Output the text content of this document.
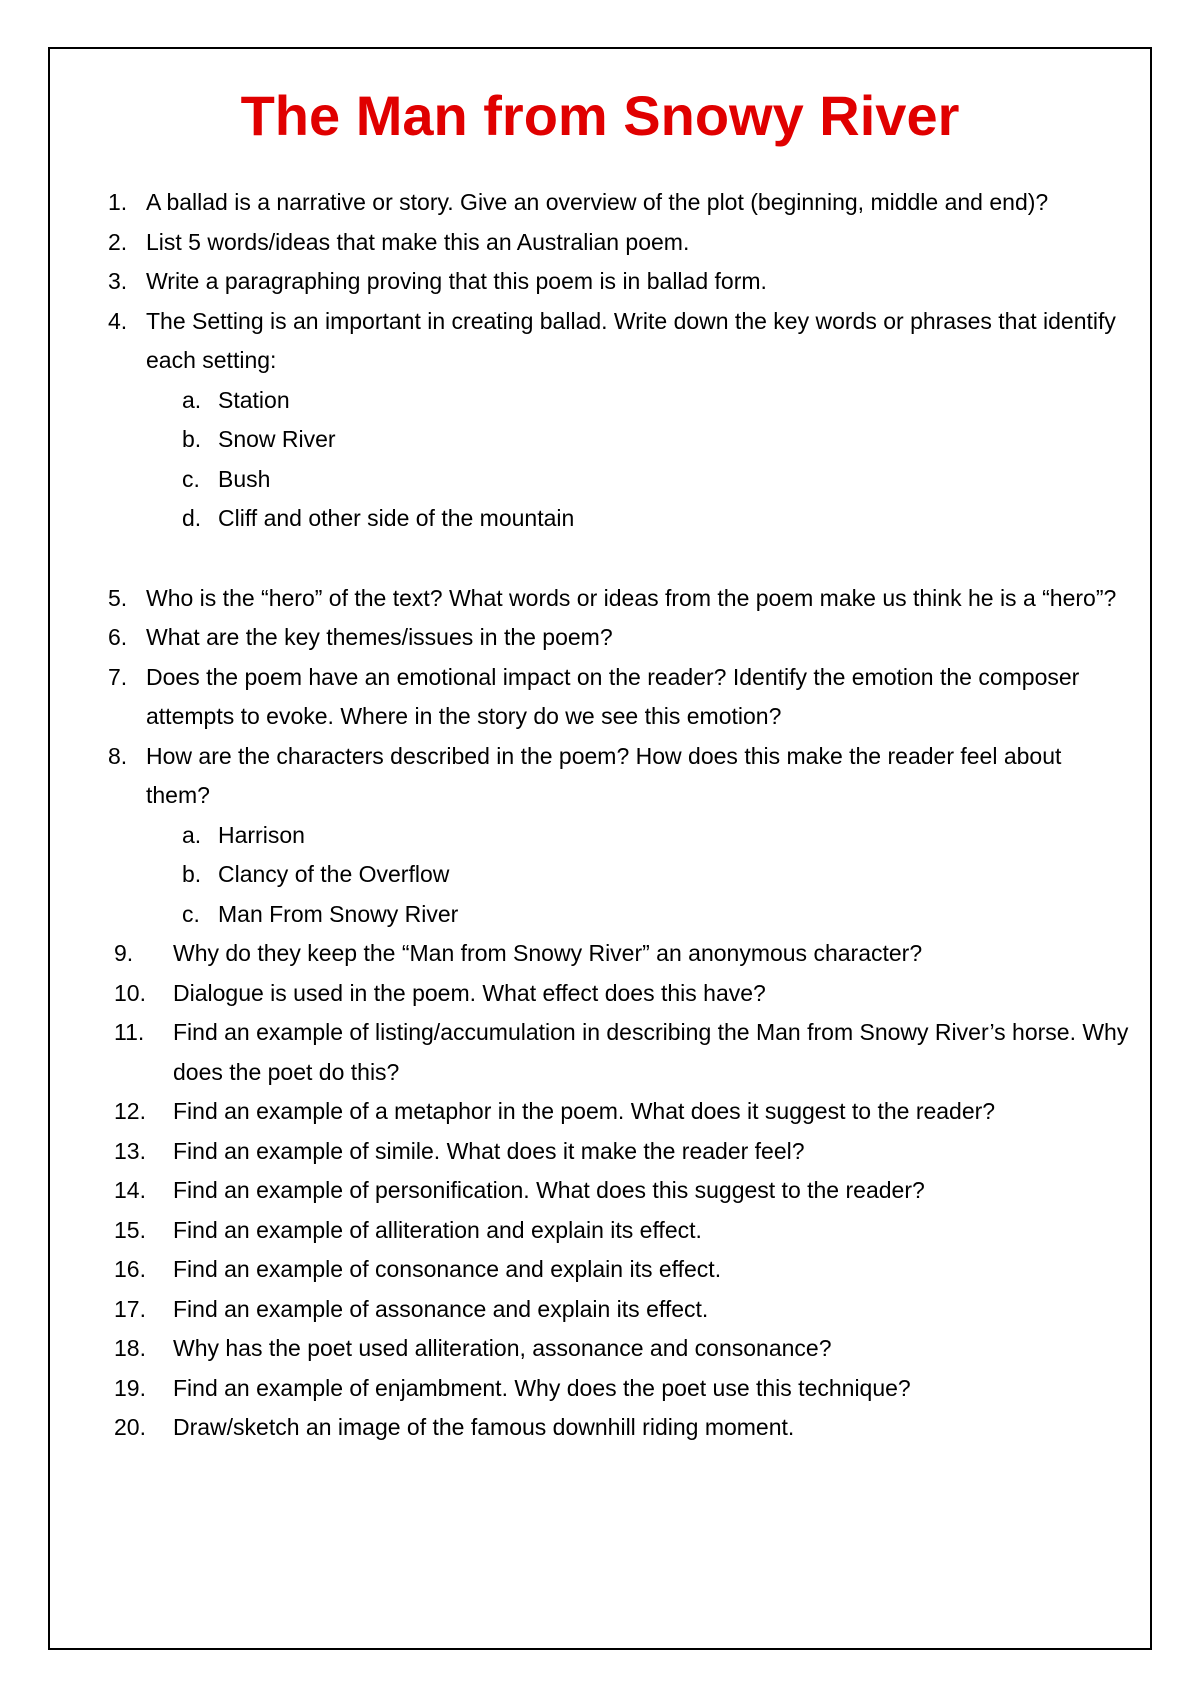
The Man from Snowy River
1. A ballad is a narrative or story. Give an overview of the plot (beginning, middle and end)?
2. List 5 words/ideas that make this an Australian poem.
3. Write a paragraphing proving that this poem is in ballad form.
4. The Setting is an important in creating ballad. Write down the key words or phrases that identify each setting:
a. Station
b. Snow River
c. Bush
d. Cliff and other side of the mountain
5. Who is the “hero” of the text? What words or ideas from the poem make us think he is a “hero”?
6. What are the key themes/issues in the poem?
7. Does the poem have an emotional impact on the reader? Identify the emotion the composer attempts to evoke. Where in the story do we see this emotion?
8. How are the characters described in the poem? How does this make the reader feel about them?
a. Harrison
b. Clancy of the Overflow
c. Man From Snowy River
9. Why do they keep the “Man from Snowy River” an anonymous character?
10. Dialogue is used in the poem. What effect does this have?
11. Find an example of listing/accumulation in describing the Man from Snowy River’s horse. Why does the poet do this?
12. Find an example of a metaphor in the poem. What does it suggest to the reader?
13. Find an example of simile. What does it make the reader feel?
14. Find an example of personification. What does this suggest to the reader?
15. Find an example of alliteration and explain its effect.
16. Find an example of consonance and explain its effect.
17. Find an example of assonance and explain its effect.
18. Why has the poet used alliteration, assonance and consonance?
19. Find an example of enjambment. Why does the poet use this technique?
20. Draw/sketch an image of the famous downhill riding moment.
